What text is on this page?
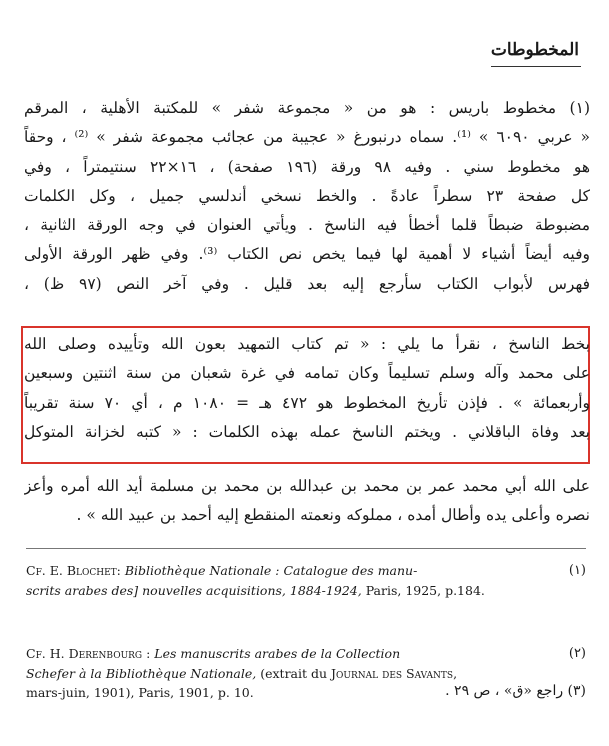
المخطوطات
(١) مخطوط باريس : هو من « مجموعة شفر » للمكتبة الأهلية ، المرقم
« عربي ٦٠٩٠ » ⁽¹⁾. سماه درنبورغ « عجيبة من عجائب مجموعة شفر » ⁽²⁾ ، وحقاً
هو مخطوط سني . وفيه ٩٨ ورقة (١٩٦ صفحة) ، ١٦×٢٢ سنتيمتراً ، وفي
كل صفحة ٢٣ سطراً عادةً . والخط نسخي أندلسي جميل ، وكل الكلمات
مضبوطة ضبطاً قلما أخطأ فيه الناسخ . ويأتي العنوان في وجه الورقة الثانية ،
وفيه أيضاً أشياء لا أهمية لها فيما يخص نص الكتاب ⁽³⁾. وفي ظهر الورقة الأولى
فهرس لأبواب الكتاب سأرجع إليه بعد قليل . وفي آخر النص (٩٧ ظ) ،
بخط الناسخ ، نقرأ ما يلي : « تم كتاب التمهيد بعون الله وتأييده وصلى الله
على محمد وآله وسلم تسليماً وكان تمامه في غرة شعبان من سنة اثنتين وسبعين
وأربعمائة » . فإذن تأريخ المخطوط هو ٤٧٢ هـ = ١٠٨٠ م ، أي ٧٠ سنة تقريباً
بعد وفاة الباقلاني . ويختم الناسخ عمله بهذه الكلمات : « كتبه لخزانة المتوكل
على الله أبي محمد عمر بن محمد بن عبدالله بن محمد بن مسلمة أيد الله أمره وأعز
نصره وأعلى يده وأطال أمده ، مملوكه ونعمته المنقطع إليه أحمد بن عبيد الله » .
(١)
Cf. E. Blochet: Bibliothèque Nationale : Catalogue des manu-
scrits arabes des] nouvelles acquisitions, 1884-1924, Paris, 1925, p.184.
(٢)
Cf. H. Derenbourg : Les manuscrits arabes de la Collection
Schefer à la Bibliothèque Nationale, (extrait du Journal des Savants,
mars-juin, 1901), Paris, 1901, p. 10.	(٣) راجع «ق» ، ص ٢٩ .
